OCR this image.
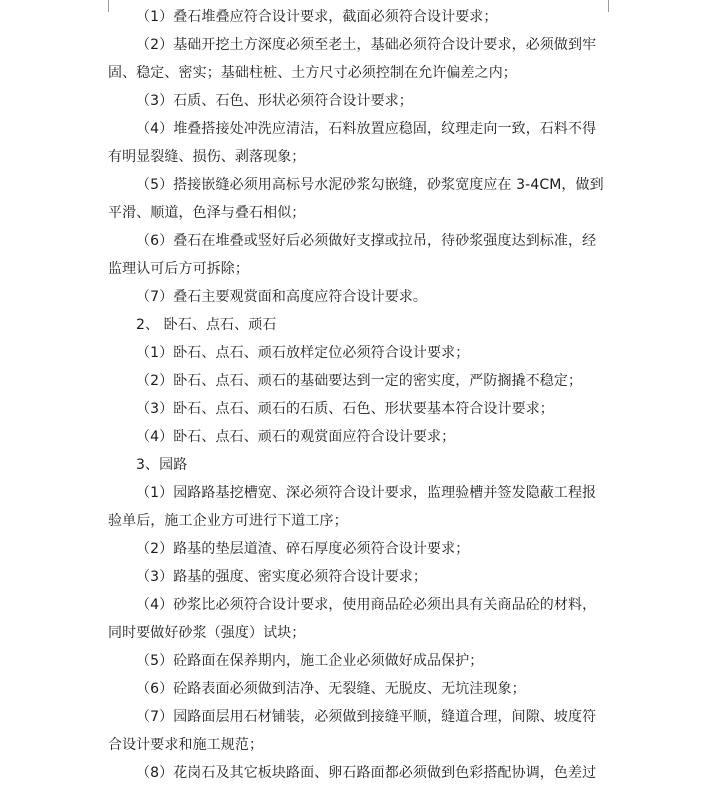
（1）叠石堆叠应符合设计要求，截面必须符合设计要求；

（2）基础开挖土方深度必须至老土，基础必须符合设计要求，必须做到牢

固、稳定、密实；基础柱桩、土方尺寸必须控制在允许偏差之内；

（3）石质、石色、形状必须符合设计要求；

（4）堆叠搭接处冲洗应清洁，石料放置应稳固，纹理走向一致，石料不得

有明显裂缝、损伤、剥落现象；

（5）搭接嵌缝必须用高标号水泥砂浆勾嵌缝，砂浆宽度应在 3-4CM，做到

平滑、顺道，色泽与叠石相似；

（6）叠石在堆叠或竖好后必须做好支撑或拉吊，待砂浆强度达到标准，经

监理认可后方可拆除；

（7）叠石主要观赏面和高度应符合设计要求。

2、 卧石、点石、顽石

（1）卧石、点石、顽石放样定位必须符合设计要求；

（2）卧石、点石、顽石的基础要达到一定的密实度，严防搁撬不稳定；

（3）卧石、点石、顽石的石质、石色、形状要基本符合设计要求；

（4）卧石、点石、顽石的观赏面应符合设计要求；

3、园路

（1）园路路基挖槽宽、深必须符合设计要求，监理验槽并签发隐蔽工程报

验单后，施工企业方可进行下道工序；

（2）路基的垫层道渣、碎石厚度必须符合设计要求；

（3）路基的强度、密实度必须符合设计要求；

（4）砂浆比必须符合设计要求，使用商品砼必须出具有关商品砼的材料，

同时要做好砂浆（强度）试块；

（5）砼路面在保养期内，施工企业必须做好成品保护；

（6）砼路表面必须做到洁净、无裂缝、无脱皮、无坑洼现象；

（7）园路面层用石材铺装，必须做到接缝平顺，缝道合理，间隙、坡度符

合设计要求和施工规范；

（8）花岗石及其它板块路面、卵石路面都必须做到色彩搭配协调，色差过
